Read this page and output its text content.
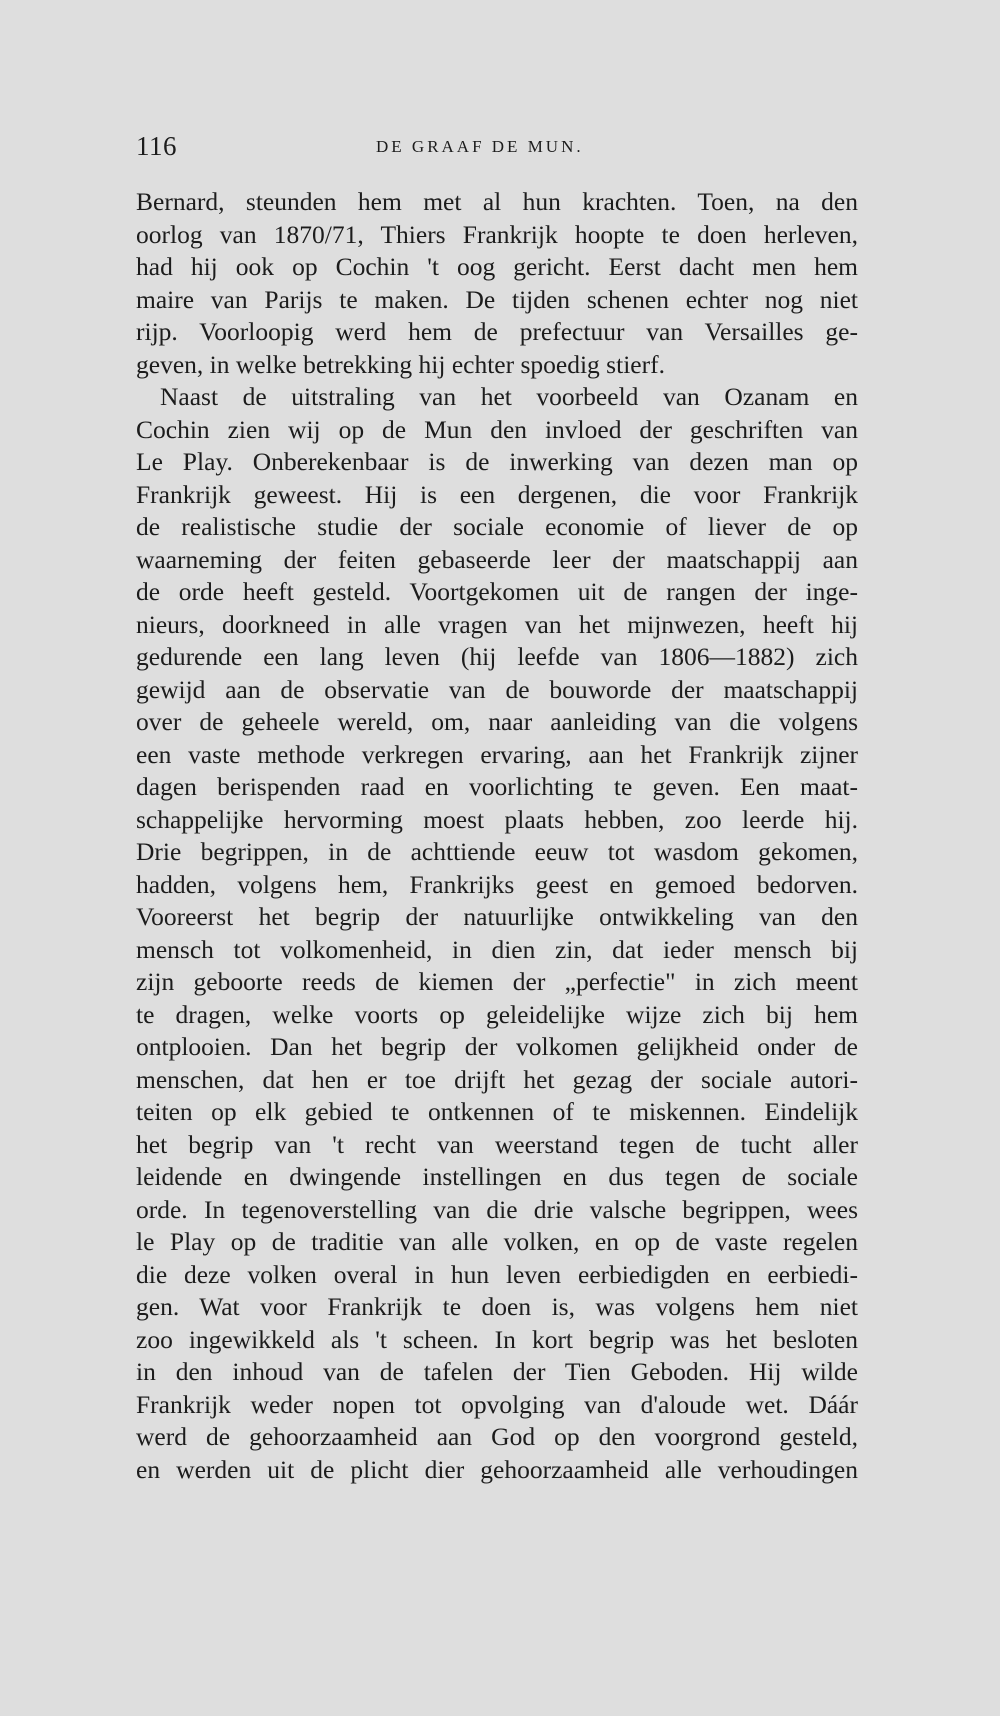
116	DE GRAAF DE MUN.
Bernard, steunden hem met al hun krachten. Toen, na den
oorlog van 1870/71, Thiers Frankrijk hoopte te doen herleven,
had hij ook op Cochin 't oog gericht. Eerst dacht men hem
maire van Parijs te maken. De tijden schenen echter nog niet
rijp. Voorloopig werd hem de prefectuur van Versailles ge-
geven, in welke betrekking hij echter spoedig stierf.
Naast de uitstraling van het voorbeeld van Ozanam en
Cochin zien wij op de Mun den invloed der geschriften van
Le Play. Onberekenbaar is de inwerking van dezen man op
Frankrijk geweest. Hij is een dergenen, die voor Frankrijk
de realistische studie der sociale economie of liever de op
waarneming der feiten gebaseerde leer der maatschappij aan
de orde heeft gesteld. Voortgekomen uit de rangen der inge-
nieurs, doorkneed in alle vragen van het mijnwezen, heeft hij
gedurende een lang leven (hij leefde van 1806—1882) zich
gewijd aan de observatie van de bouworde der maatschappij
over de geheele wereld, om, naar aanleiding van die volgens
een vaste methode verkregen ervaring, aan het Frankrijk zijner
dagen berispenden raad en voorlichting te geven. Een maat-
schappelijke hervorming moest plaats hebben, zoo leerde hij.
Drie begrippen, in de achttiende eeuw tot wasdom gekomen,
hadden, volgens hem, Frankrijks geest en gemoed bedorven.
Vooreerst het begrip der natuurlijke ontwikkeling van den
mensch tot volkomenheid, in dien zin, dat ieder mensch bij
zijn geboorte reeds de kiemen der „perfectie" in zich meent
te dragen, welke voorts op geleidelijke wijze zich bij hem
ontplooien. Dan het begrip der volkomen gelijkheid onder de
menschen, dat hen er toe drijft het gezag der sociale autori-
teiten op elk gebied te ontkennen of te miskennen. Eindelijk
het begrip van 't recht van weerstand tegen de tucht aller
leidende en dwingende instellingen en dus tegen de sociale
orde. In tegenoverstelling van die drie valsche begrippen, wees
le Play op de traditie van alle volken, en op de vaste regelen
die deze volken overal in hun leven eerbiedigden en eerbiedi-
gen. Wat voor Frankrijk te doen is, was volgens hem niet
zoo ingewikkeld als 't scheen. In kort begrip was het besloten
in den inhoud van de tafelen der Tien Geboden. Hij wilde
Frankrijk weder nopen tot opvolging van d'aloude wet. Dáár
werd de gehoorzaamheid aan God op den voorgrond gesteld,
en werden uit de plicht dier gehoorzaamheid alle verhoudingen
